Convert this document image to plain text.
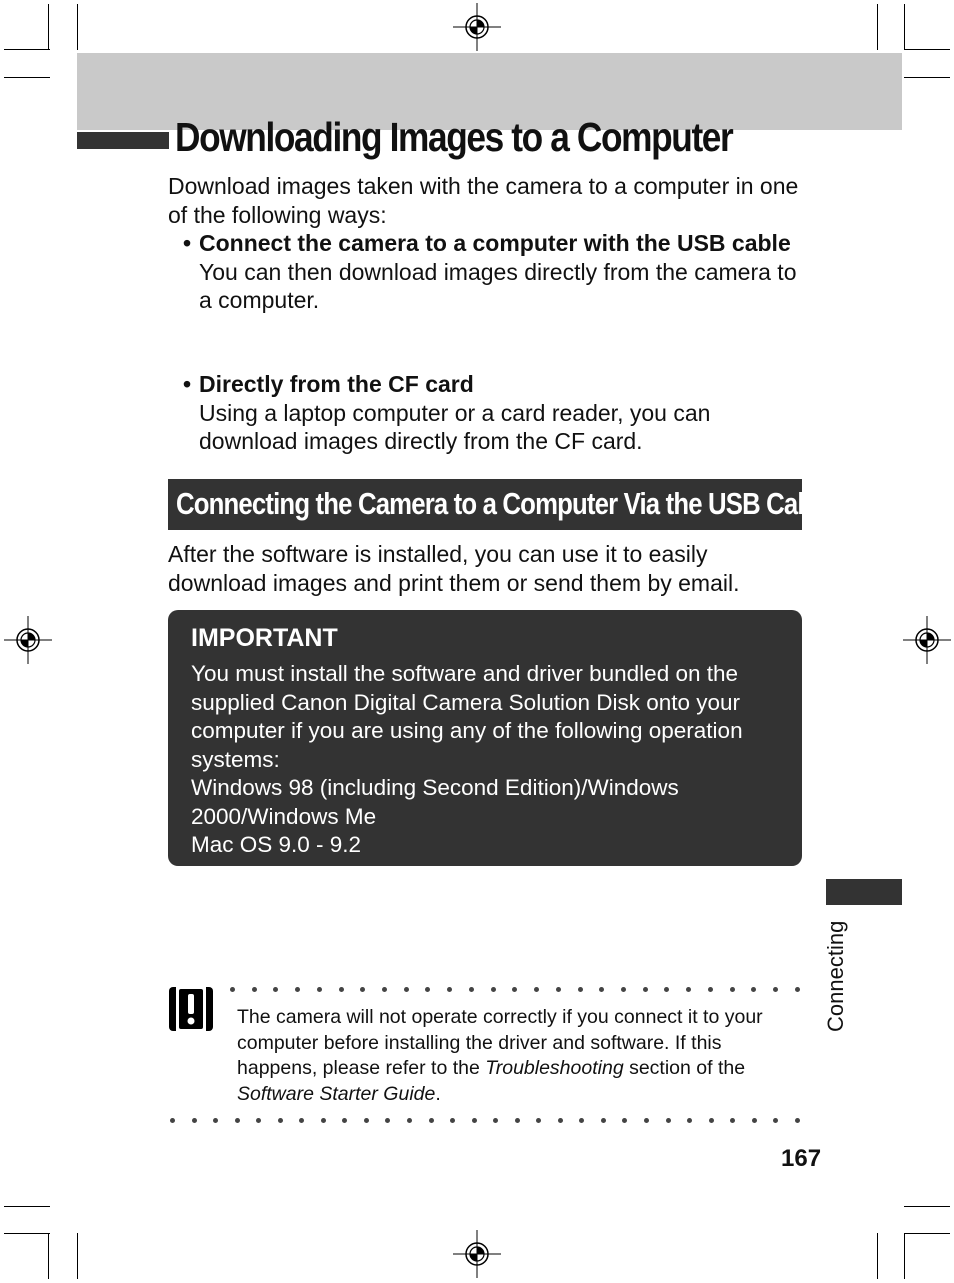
Downloading Images to a Computer
Download images taken with the camera to a computer in one of the following ways:
• Connect the camera to a computer with the USB cable
You can then download images directly from the camera to a computer.
• Directly from the CF card
Using a laptop computer or a card reader, you can download images directly from the CF card.
Connecting the Camera to a Computer Via the USB Cable
After the software is installed, you can use it to easily download images and print them or send them by email.
IMPORTANT
You must install the software and driver bundled on the supplied Canon Digital Camera Solution Disk onto your computer if you are using any of the following operation systems:
Windows 98 (including Second Edition)/Windows 2000/Windows Me
Mac OS 9.0 - 9.2
Connecting
The camera will not operate correctly if you connect it to your computer before installing the driver and software. If this happens, please refer to the Troubleshooting section of the Software Starter Guide.
167
